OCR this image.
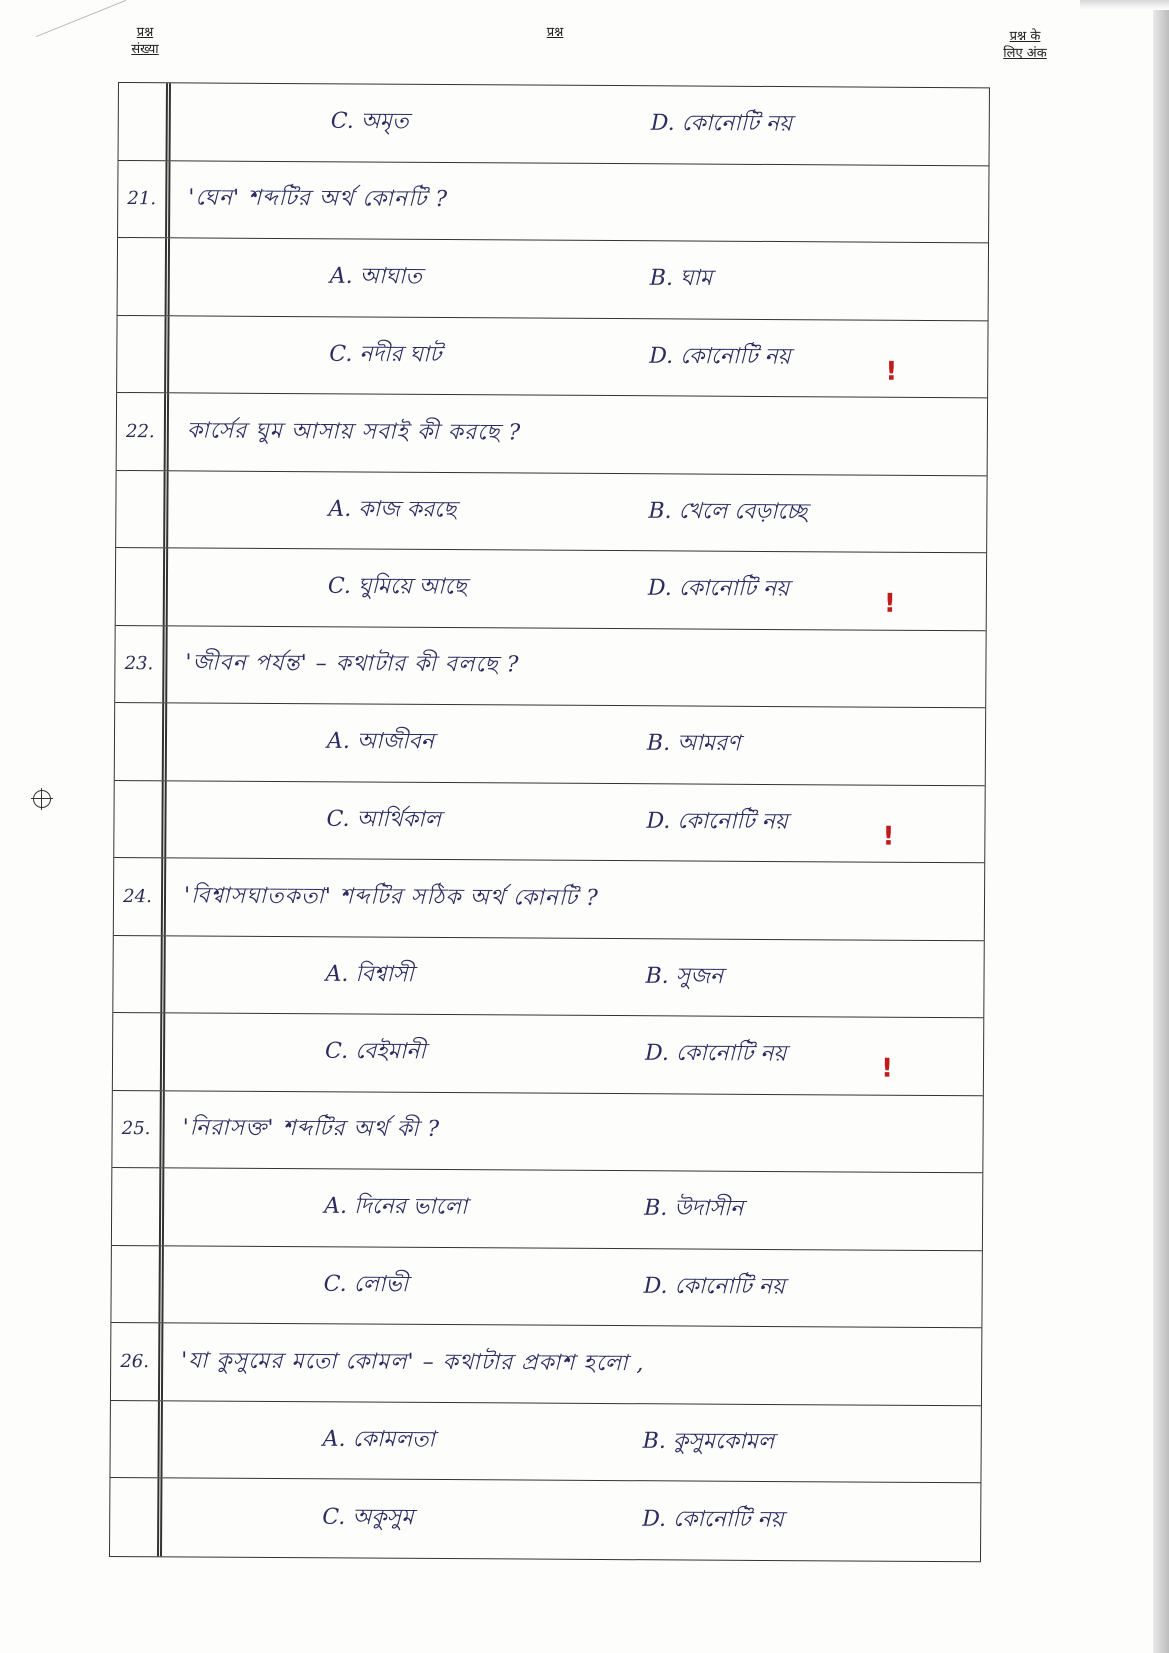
प्रश्न
संख्या
प्रश्न	प्रश्न के
लिए अंक
C. অমৃত	D. কোনোটি নয়
21.	'ঘেন' শব্দটির অর্থ কোনটি ?
A. আঘাত	B. ঘাম
C. নদীর ঘাট	D. কোনোটি নয়	!
22.	কার্সের ঘুম আসায় সবাই কী করছে ?
A. কাজ করছে	B. খেলে বেড়াচ্ছে
C. ঘুমিয়ে আছে	D. কোনোটি নয়	!
23.	'জীবন পর্যন্ত' – কথাটার কী বলছে ?
A. আজীবন	B. আমরণ
C. আর্থিকাল	D. কোনোটি নয়	!
24.	'বিশ্বাসঘাতকতা' শব্দটির সঠিক অর্থ কোনটি ?
A. বিশ্বাসী	B. সুজন
C. বেইমানী	D. কোনোটি নয়	!
25.	'নিরাসক্ত' শব্দটির অর্থ কী ?
A. দিনের ভালো	B. উদাসীন
C. লোভী	D. কোনোটি নয়
26.	'যা কুসুমের মতো কোমল' – কথাটার প্রকাশ হলো ,
A. কোমলতা	B. কুসুমকোমল
C. অকুসুম	D. কোনোটি নয়
